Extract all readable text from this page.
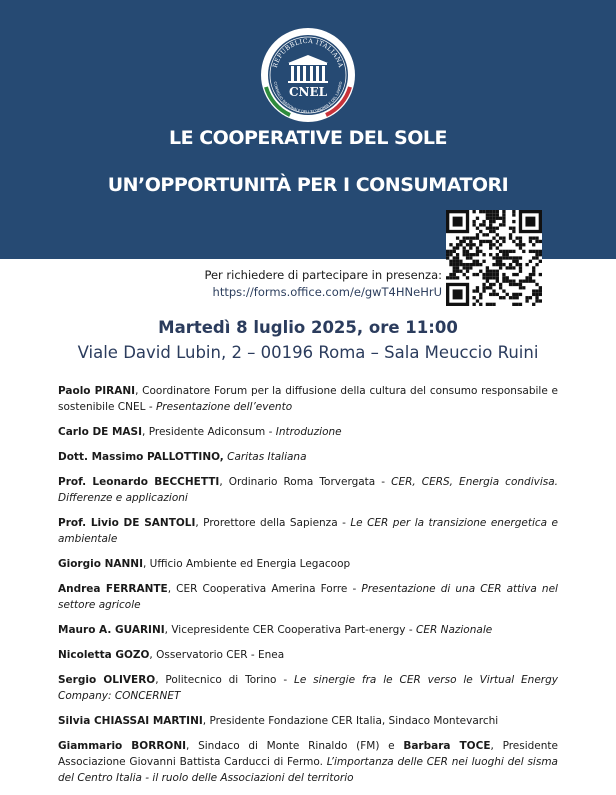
REPUBBLICA ITALIANA
CONSIGLIO NAZIONALE DELL'ECONOMIA E DEL LAVORO
CNEL
LE COOPERATIVE DEL SOLE
UN’OPPORTUNITÀ PER I CONSUMATORI
Per richiedere di partecipare in presenza:
https://forms.office.com/e/gwT4HNeHrU
Martedì 8 luglio 2025, ore 11:00
Viale David Lubin, 2 – 00196 Roma – Sala Meuccio Ruini

Paolo PIRANI, Coordinatore Forum per la diffusione della cultura del consumo responsabile e sostenibile CNEL - Presentazione dell’evento

Carlo DE MASI, Presidente Adiconsum - Introduzione

Dott. Massimo PALLOTTINO, Caritas Italiana

Prof. Leonardo BECCHETTI, Ordinario Roma Torvergata - CER, CERS, Energia condivisa. Differenze e applicazioni

Prof. Livio DE SANTOLI, Prorettore della Sapienza - Le CER per la transizione energetica e ambientale

Giorgio NANNI, Ufficio Ambiente ed Energia Legacoop

Andrea FERRANTE, CER Cooperativa Amerina Forre - Presentazione di una CER attiva nel settore agricole

Mauro A. GUARINI, Vicepresidente CER Cooperativa Part-energy - CER Nazionale

Nicoletta GOZO, Osservatorio CER - Enea

Sergio OLIVERO, Politecnico di Torino - Le sinergie fra le CER verso le Virtual Energy Company: CONCERNET

Silvia CHIASSAI MARTINI, Presidente Fondazione CER Italia, Sindaco Montevarchi

Giammario BORRONI, Sindaco di Monte Rinaldo (FM) e Barbara TOCE, Presidente Associazione Giovanni Battista Carducci di Fermo. L’importanza delle CER nei luoghi del sisma del Centro Italia - il ruolo delle Associazioni del territorio
